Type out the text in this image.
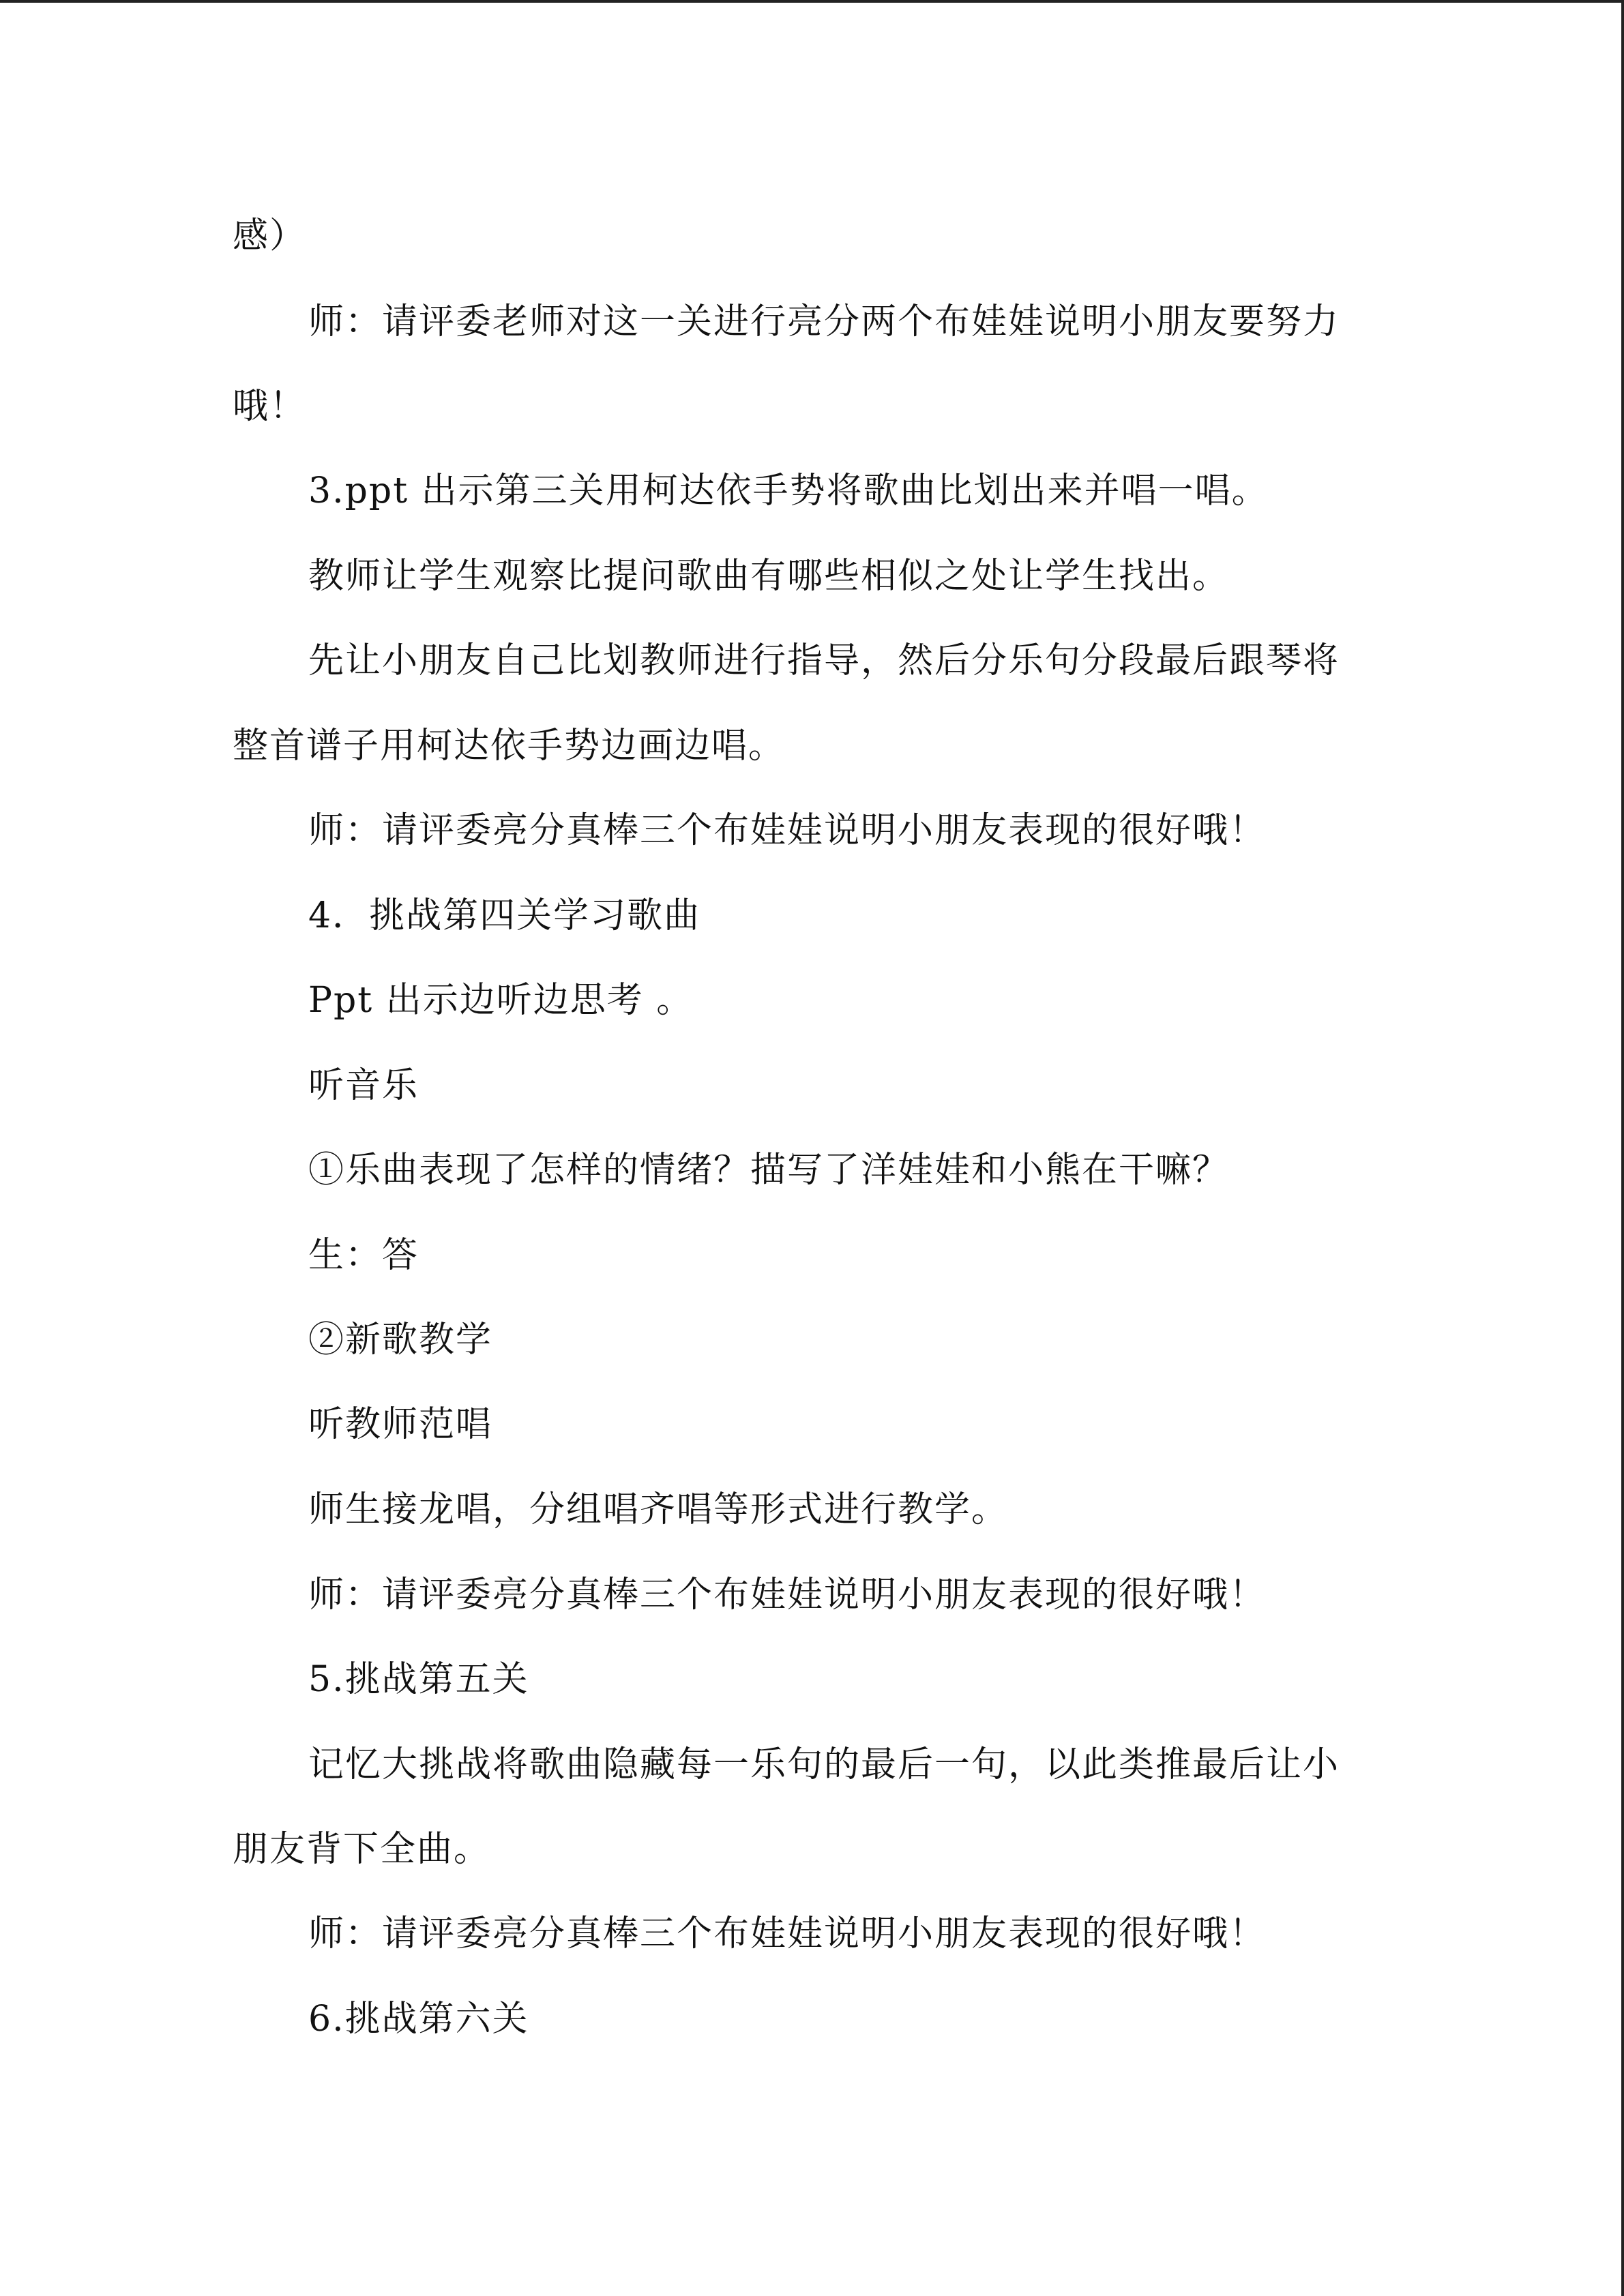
感）
师：请评委老师对这一关进行亮分两个布娃娃说明小朋友要努力
哦！
3.ppt 出示第三关用柯达依手势将歌曲比划出来并唱一唱。
教师让学生观察比提问歌曲有哪些相似之处让学生找出。
先让小朋友自己比划教师进行指导，然后分乐句分段最后跟琴将
整首谱子用柯达依手势边画边唱。
师：请评委亮分真棒三个布娃娃说明小朋友表现的很好哦！
4．挑战第四关学习歌曲
Ppt 出示边听边思考 。
听音乐
①乐曲表现了怎样的情绪？描写了洋娃娃和小熊在干嘛？
生：答
②新歌教学
听教师范唱
师生接龙唱，分组唱齐唱等形式进行教学。
师：请评委亮分真棒三个布娃娃说明小朋友表现的很好哦！
5.挑战第五关
记忆大挑战将歌曲隐藏每一乐句的最后一句，以此类推最后让小
朋友背下全曲。
师：请评委亮分真棒三个布娃娃说明小朋友表现的很好哦！
6.挑战第六关
